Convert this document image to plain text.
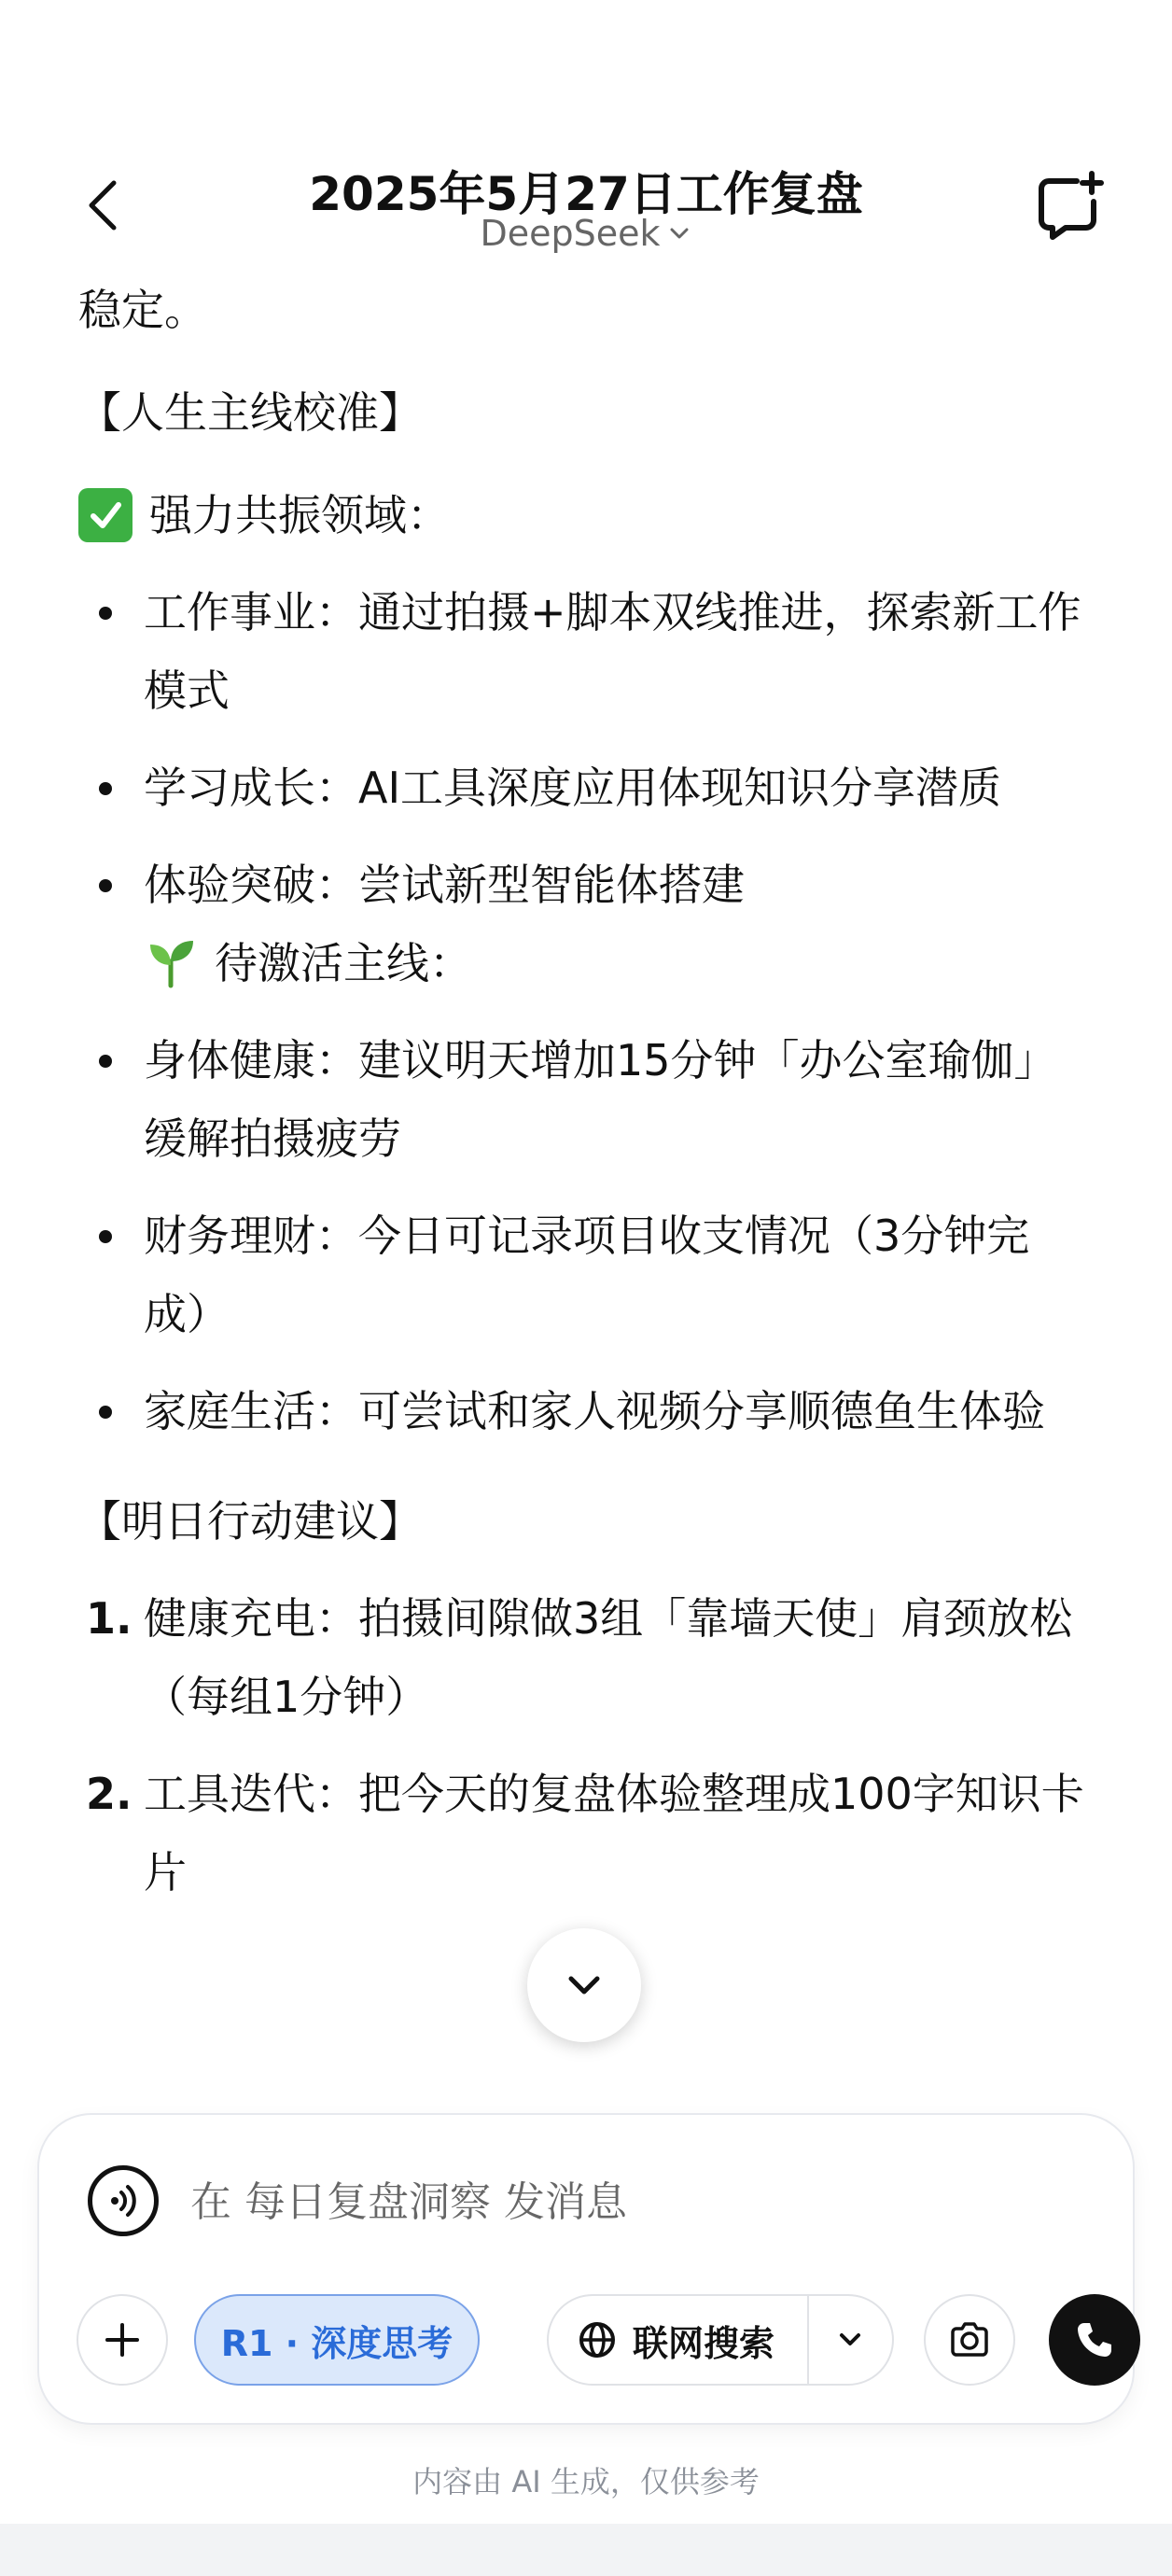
2025年5月27日工作复盘
DeepSeek

稳定。

【人生主线校准】

强力共振领域：
工作事业：通过拍摄+脚本双线推进，探索新工作模式
学习成长：AI工具深度应用体现知识分享潜质
体验突破：尝试新型智能体搭建
待激活主线：
身体健康：建议明天增加15分钟「办公室瑜伽」缓解拍摄疲劳
财务理财：今日可记录项目收支情况（3分钟完成）
家庭生活：可尝试和家人视频分享顺德鱼生体验

【明日行动建议】

1. 健康充电：拍摄间隙做3组「靠墙天使」肩颈放松（每组1分钟）
2. 工具迭代：把今天的复盘体验整理成100字知识卡片
在 每日复盘洞察 发消息
R1 · 深度思考	联网搜索
内容由 AI 生成，仅供参考
